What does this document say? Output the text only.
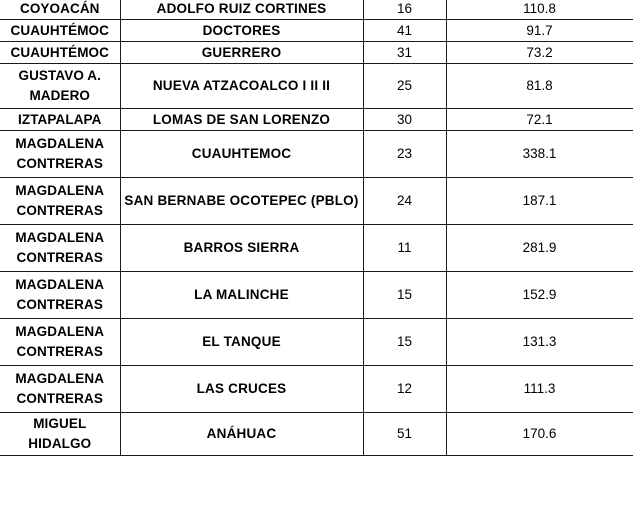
COYOACÁN	ADOLFO RUIZ CORTINES	16	110.8
CUAUHTÉMOC	DOCTORES	41	91.7
CUAUHTÉMOC	GUERRERO	31	73.2
GUSTAVO A. MADERO	NUEVA ATZACOALCO I II II	25	81.8
IZTAPALAPA	LOMAS DE SAN LORENZO	30	72.1
MAGDALENA CONTRERAS	CUAUHTEMOC	23	338.1
MAGDALENA CONTRERAS	SAN BERNABE OCOTEPEC (PBLO)	24	187.1
MAGDALENA CONTRERAS	BARROS SIERRA	11	281.9
MAGDALENA CONTRERAS	LA MALINCHE	15	152.9
MAGDALENA CONTRERAS	EL TANQUE	15	131.3
MAGDALENA CONTRERAS	LAS CRUCES	12	111.3
MIGUEL HIDALGO	ANÁHUAC	51	170.6
